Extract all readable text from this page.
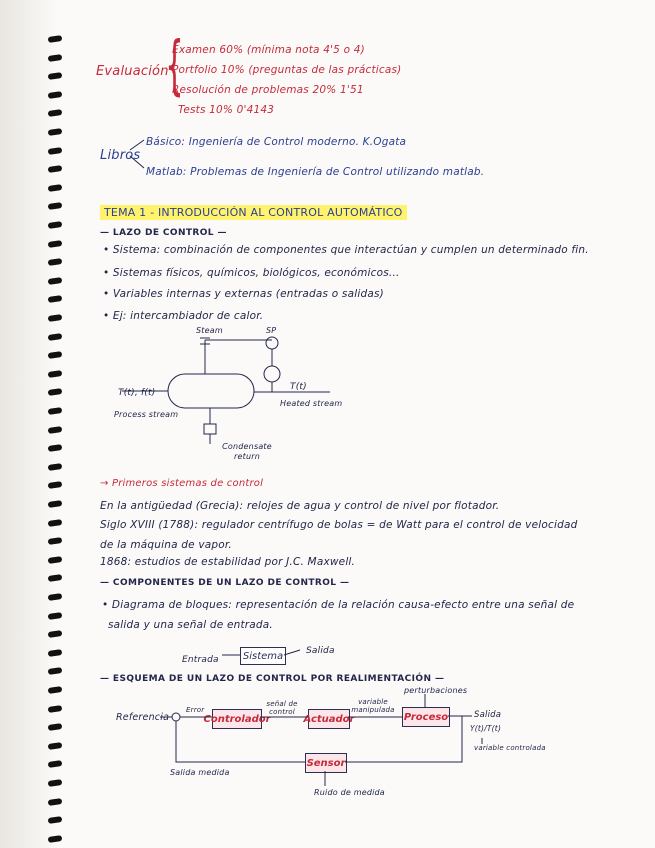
Evaluación
{
Examen 60% (mínima nota 4'5 o 4)
Portfolio 10% (preguntas de las prácticas)
Resolución de problemas 20% 1'51
Tests 10% 0'4143
Libros
Básico: Ingeniería de Control moderno. K.Ogata
Matlab: Problemas de Ingeniería de Control utilizando matlab.
TEMA 1 - INTRODUCCIÓN AL CONTROL AUTOMÁTICO
— LAZO DE CONTROL —
• Sistema: combinación de componentes que interactúan y cumplen un determinado fin.
• Sistemas físicos, químicos, biológicos, económicos...
• Variables internas y externas (entradas o salidas)
• Ej: intercambiador de calor.
Steam	SP
T(t), f(t)
Process stream
T(t)
Heated stream
Condensate return
→ Primeros sistemas de control
En la antigüedad (Grecia): relojes de agua y control de nivel por flotador.
Siglo XVIII (1788): regulador centrífugo de bolas = de Watt para el control de velocidad
de la máquina de vapor.
1868: estudios de estabilidad por J.C. Maxwell.
— COMPONENTES DE UN LAZO DE CONTROL —
• Diagrama de bloques: representación de la relación causa-efecto entre una señal de
salida y una señal de entrada.
Entrada Sistema	Salida
— ESQUEMA DE UN LAZO DE CONTROL POR REALIMENTACIÓN —
perturbaciones
Referencia
Error
Controlador
señal de control
Actuador
variable manipulada
Proceso	Salida
Y(t)/T(t)
variable controlada
Sensor
Salida medida
Ruido de medida
